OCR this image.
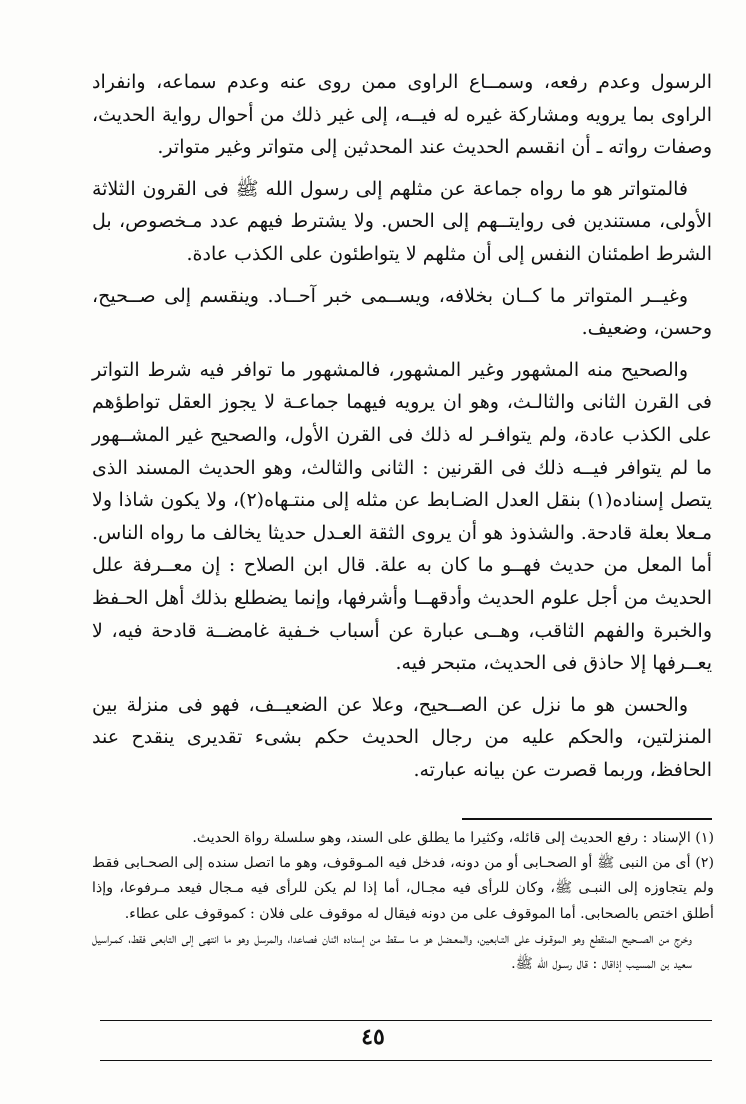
الرسول وعدم رفعه، وسمــاع الراوى ممن روى عنه وعدم سماعه، وانفراد الراوى بما يرويه ومشاركة غيره له فيــه، إلى غير ذلك من أحوال رواية الحديث، وصفات رواته ـ أن انقسم الحديث عند المحدثين إلى متواتر وغير متواتر.

فالمتواتر هو ما رواه جماعة عن مثلهم إلى رسول الله ﷺ فى القرون الثلاثة الأولى، مستندين فى روايتــهم إلى الحس. ولا يشترط فيهم عدد مـخصوص، بل الشرط اطمئنان النفس إلى أن مثلهم لا يتواطئون على الكذب عادة.

وغيــر المتواتر ما كــان بخلافه، ويســمى خبر آحــاد. وينقسم إلى صــحيح، وحسن، وضعيف.

والصحيح منه المشهور وغير المشهور، فالمشهور ما توافر فيه شرط التواتر فى القرن الثانى والثالـث، وهو ان يرويه فيهما جماعـة لا يجوز العقل تواطؤهم على الكذب عادة، ولم يتوافـر له ذلك فى القرن الأول، والصحيح غير المشــهور ما لم يتوافر فيــه ذلك فى القرنين : الثانى والثالث، وهو الحديث المسند الذى يتصل إسناده(١) بنقل العدل الضـابط عن مثله إلى منتـهاه(٢)، ولا يكون شاذا ولا مـعلا بعلة قادحة. والشذوذ هو أن يروى الثقة العـدل حديثا يخالف ما رواه الناس. أما المعل من حديث فهــو ما كان به علة. قال ابن الصلاح : إن معــرفة علل الحديث من أجل علوم الحديث وأدقهــا وأشرفها، وإنما يضطلع بذلك أهل الحـفظ والخبرة والفهم الثاقب، وهــى عبارة عن أسباب خـفية غامضــة قادحة فيه، لا يعــرفها إلا حاذق فى الحديث، متبحر فيه.

والحسن هو ما نزل عن الصــحيح، وعلا عن الضعيــف، فهو فى منزلة بين المنزلتين، والحكم عليه من رجال الحديث حكم بشىء تقديرى ينقدح عند الحافظ، وربما قصرت عن بيانه عبارته.

(١) الإسناد : رفع الحديث إلى قائله، وكثيرا ما يطلق على السند، وهو سلسلة رواة الحديث.

(٢) أى من النبى ﷺ أو الصحـابى أو من دونه، فدخل فيه المـوقوف، وهو ما اتصل سنده إلى الصحـابى فقط ولم يتجاوزه إلى النبـى ﷺ، وكان للرأى فيه مجـال، أما إذا لم يكن للرأى فيه مـجال فيعد مـرفوعا، وإذا أطلق اختص بالصحابى. أما الموقوف على من دونه فيقال له موقوف على فلان : كموقوف على عطاء.

وخرج من الصــحيح المنقطع وهو الموقـوف على التـابعين، والمعـضل هو مـا سـقط من إسناده اثنان فصاعدا، والمرسل وهو ما انتهى إلى التابعى فقط، كمـراسيل سعيد بن المسيـب إذاقال : قال رسـول الله ﷺ.

٤٥
